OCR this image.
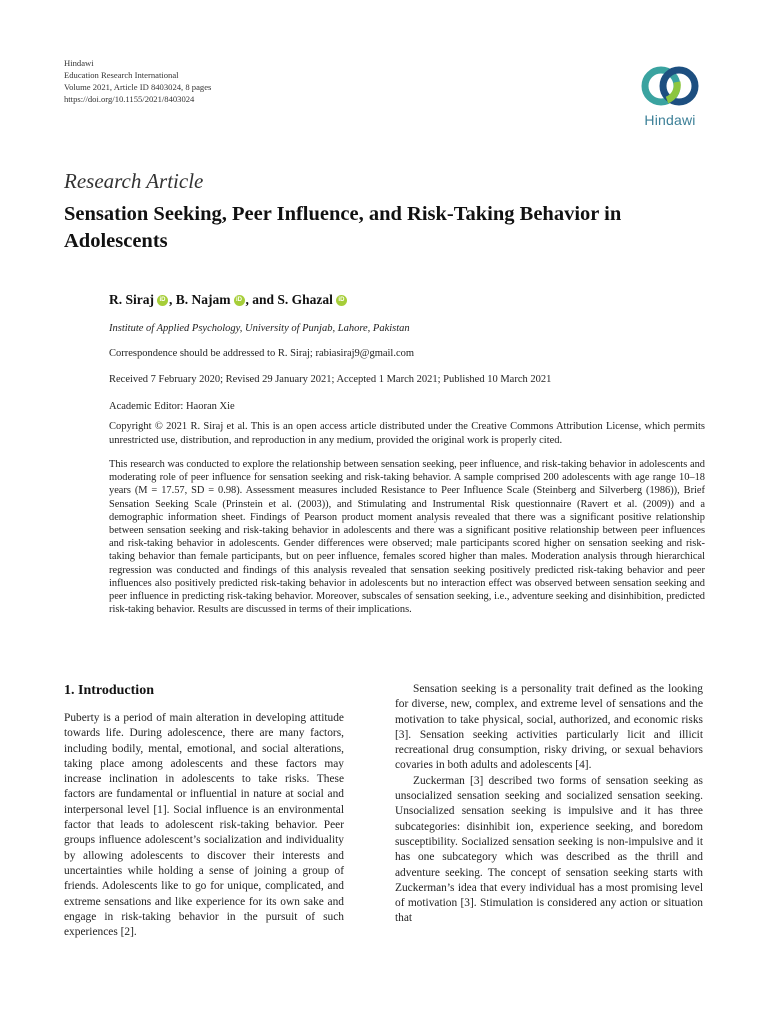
Hindawi
Education Research International
Volume 2021, Article ID 8403024, 8 pages
https://doi.org/10.1155/2021/8403024
Hindawi
Research Article
Sensation Seeking, Peer Influence, and Risk-Taking Behavior in Adolescents
R. Siraj iD ,
B. Najam iD , and
S. Ghazal iD
Institute of Applied Psychology, University of Punjab, Lahore, Pakistan
Correspondence should be addressed to R. Siraj; rabiasiraj9@gmail.com
Received 7 February 2020; Revised 29 January 2021; Accepted 1 March 2021; Published 10 March 2021
Academic Editor: Haoran Xie
Copyright © 2021 R. Siraj et al. This is an open access article distributed under the Creative Commons Attribution License, which permits unrestricted use, distribution, and reproduction in any medium, provided the original work is properly cited.

This research was conducted to explore the relationship between sensation seeking, peer influence, and risk-taking behavior in adolescents and moderating role of peer influence for sensation seeking and risk-taking behavior. A sample comprised 200 adolescents with age range 10–18 years (M = 17.57, SD = 0.98). Assessment measures included Resistance to Peer Influence Scale (Steinberg and Silverberg (1986)), Brief Sensation Seeking Scale (Prinstein et al. (2003)), and Stimulating and Instrumental Risk questionnaire (Ravert et al. (2009)) and a demographic information sheet. Findings of Pearson product moment analysis revealed that there was a significant positive relationship between sensation seeking and risk-taking behavior in adolescents and there was a significant positive relationship between peer influences and risk-taking behavior in adolescents. Gender differences were observed; male participants scored higher on sensation seeking and risk-taking behavior than female participants, but on peer influence, females scored higher than males. Moderation analysis through hierarchical regression was conducted and findings of this analysis revealed that sensation seeking positively predicted risk-taking behavior and peer influences also positively predicted risk-taking behavior in adolescents but no interaction effect was observed between sensation seeking and peer influence in predicting risk-taking behavior. Moreover, subscales of sensation seeking, i.e., adventure seeking and disinhibition, predicted risk-taking behavior. Results are discussed in terms of their implications.

1. Introduction

Puberty is a period of main alteration in developing attitude towards life. During adolescence, there are many factors, including bodily, mental, emotional, and social alterations, taking place among adolescents and these factors may increase inclination in adolescents to take risks. These factors are fundamental or influential in nature at social and interpersonal level [1]. Social influence is an environmental factor that leads to adolescent risk-taking behavior. Peer groups influence adolescent’s socialization and individuality by allowing adolescents to discover their interests and uncertainties while holding a sense of joining a group of friends. Adolescents like to go for unique, complicated, and extreme sensations and like experience for its own sake and engage in risk-taking behavior in the pursuit of such experiences [2].

Sensation seeking is a personality trait defined as the looking for diverse, new, complex, and extreme level of sensations and the motivation to take physical, social, authorized, and economic risks [3]. Sensation seeking activities particularly licit and illicit recreational drug consumption, risky driving, or sexual behaviors covaries in both adults and adolescents [4].

Zuckerman [3] described two forms of sensation seeking as unsocialized sensation seeking and socialized sensation seeking. Unsocialized sensation seeking is impulsive and it has three subcategories: disinhibit ion, experience seeking, and boredom susceptibility. Socialized sensation seeking is non-impulsive and it has one subcategory which was described as the thrill and adventure seeking. The concept of sensation seeking starts with Zuckerman’s idea that every individual has a most promising level of motivation [3]. Stimulation is considered any action or situation that
